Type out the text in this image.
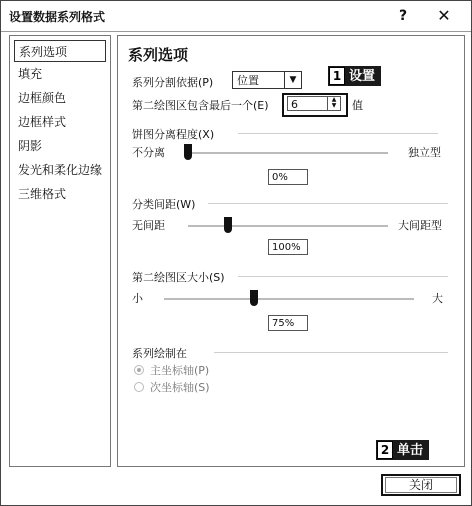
设置数据系列格式	?	✕
系列选项
填充
边框颜色
边框样式
阴影
发光和柔化边缘
三维格式
系列选项
系列分割依据(P)	位置	▼	1 设置
第二绘图区包含最后一个(E)	6	▲
▼	值
饼图分离程度(X)
不分离	独立型
0%
分类间距(W)
无间距	大间距型
100%
第二绘图区大小(S)
小	大
75%
系列绘制在
主坐标轴(P)
次坐标轴(S)
2 单击
关闭
